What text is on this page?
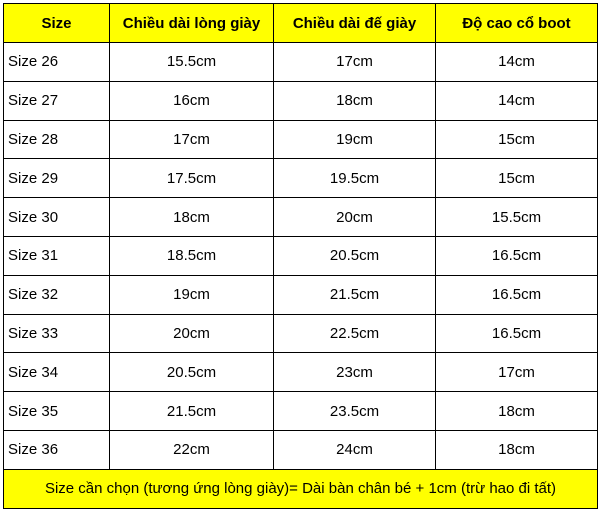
Size	Chiều dài lòng giày	Chiều dài đế giày	Độ cao cổ boot
Size 26	15.5cm	17cm	14cm
Size 27	16cm	18cm	14cm
Size 28	17cm	19cm	15cm
Size 29	17.5cm	19.5cm	15cm
Size 30	18cm	20cm	15.5cm
Size 31	18.5cm	20.5cm	16.5cm
Size 32	19cm	21.5cm	16.5cm
Size 33	20cm	22.5cm	16.5cm
Size 34	20.5cm	23cm	17cm
Size 35	21.5cm	23.5cm	18cm
Size 36	22cm	24cm	18cm
Size cần chọn (tương ứng lòng giày)= Dài bàn chân bé + 1cm (trừ hao đi tất)			
